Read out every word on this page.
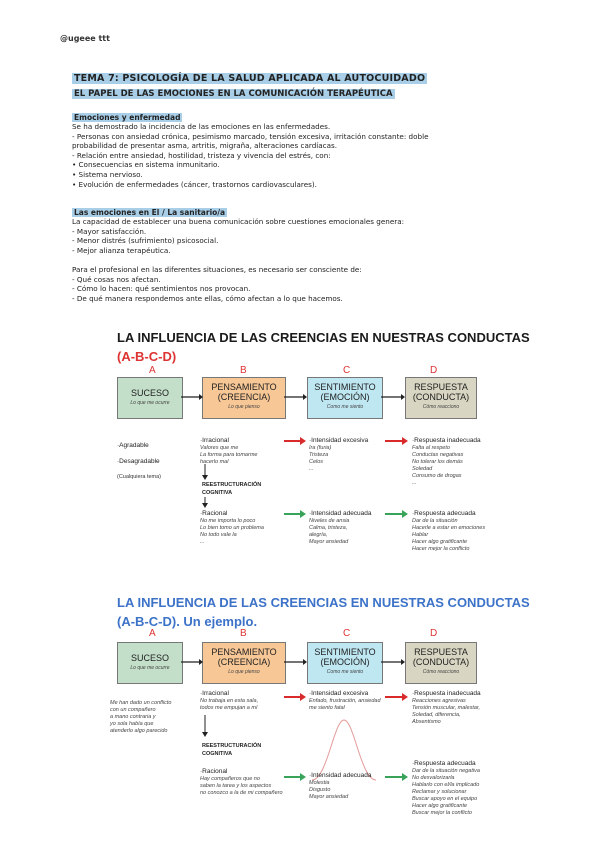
@ugeee ttt
TEMA 7: PSICOLOGÍA DE LA SALUD APLICADA AL AUTOCUIDADO
EL PAPEL DE LAS EMOCIONES EN LA COMUNICACIÓN TERAPÉUTICA
Emociones y enfermedad
Se ha demostrado la incidencia de las emociones en las enfermedades.
- Personas con ansiedad crónica, pesimismo marcado, tensión excesiva, irritación constante: doble
probabilidad de presentar asma, artritis, migraña, alteraciones cardíacas.
- Relación entre ansiedad, hostilidad, tristeza y vivencia del estrés, con:
• Consecuencias en sistema inmunitario.
• Sistema nervioso.
• Evolución de enfermedades (cáncer, trastornos cardiovasculares).
Las emociones en El / La sanitario/a
La capacidad de establecer una buena comunicación sobre cuestiones emocionales genera:
- Mayor satisfacción.
- Menor distrés (sufrimiento) psicosocial.
- Mejor alianza terapéutica.
Para el profesional en las diferentes situaciones, es necesario ser consciente de:
- Qué cosas nos afectan.
- Cómo lo hacen: qué sentimientos nos provocan.
- De qué manera respondemos ante ellas, cómo afectan a lo que hacemos.
LA INFLUENCIA DE LAS CREENCIAS EN NUESTRAS CONDUCTAS
(A-B-C-D)
A	B	C	D
SUCESO
Lo que me ocurre
PENSAMIENTO (CREENCIA)
Lo que pienso
SENTIMIENTO (EMOCIÓN)
Como me siento
RESPUESTA (CONDUCTA)
Cómo reacciono
·Agradable
·Desagradable
(Cualquiera tema)
·Irracional
Valores que me
La forma para tomarme
hacerlo mal
REESTRUCTURACIÓN COGNITIVA
·Racional
No me importa lo poco
Lo bien tomo un problema
No todo vale la
...
·Intensidad excesiva
Ira (furia)
Tristeza
Celos
...
·Intensidad adecuada
Niveles de ansia
Calma, tristeza,
alegría,
Mayor ansiedad
·Respuesta inadecuada
Falta al respeto
Conductas negativas
No tolerar los demás
Soledad
Consumo de drogas
...
·Respuesta adecuada
Dar de la situación
Hacerle a estar en emociones
Hablar
Hacer algo gratificante
Hacer mejor la conflicto
LA INFLUENCIA DE LAS CREENCIAS EN NUESTRAS CONDUCTAS
(A-B-C-D). Un ejemplo.
A	B	C	D
SUCESO
Lo que me ocurre
PENSAMIENTO (CREENCIA)
Lo que pienso
SENTIMIENTO (EMOCIÓN)
Como me siento
RESPUESTA (CONDUCTA)
Cómo reacciono
Me han dado un conflicto
con un compañero
a mano contraria y
yo sola había que
atenderlo algo parecido
·Irracional
No trabaja en esta sala,
todos me empujan a mí
REESTRUCTURACIÓN COGNITIVA
·Racional
Hay compañeros que no
saben la tarea y los aspectos
no conozco a la de mi compañero
·Intensidad excesiva
Enfado, frustración, ansiedad
me siento fatal
·Intensidad adecuada
Molestia
Disgusto
Mayor ansiedad
·Respuesta inadecuada
Reacciones agresivas
Tensión muscular, malestar,
Soledad, diferencia,
Absentismo
·Respuesta adecuada
Dar de la situación negativa
No desvalorizarla
Hablarlo con el/la implicado
Reclamar y solucionar
Buscar apoyo en el equipo
Hacer algo gratificante
Buscar mejor la conflicto
